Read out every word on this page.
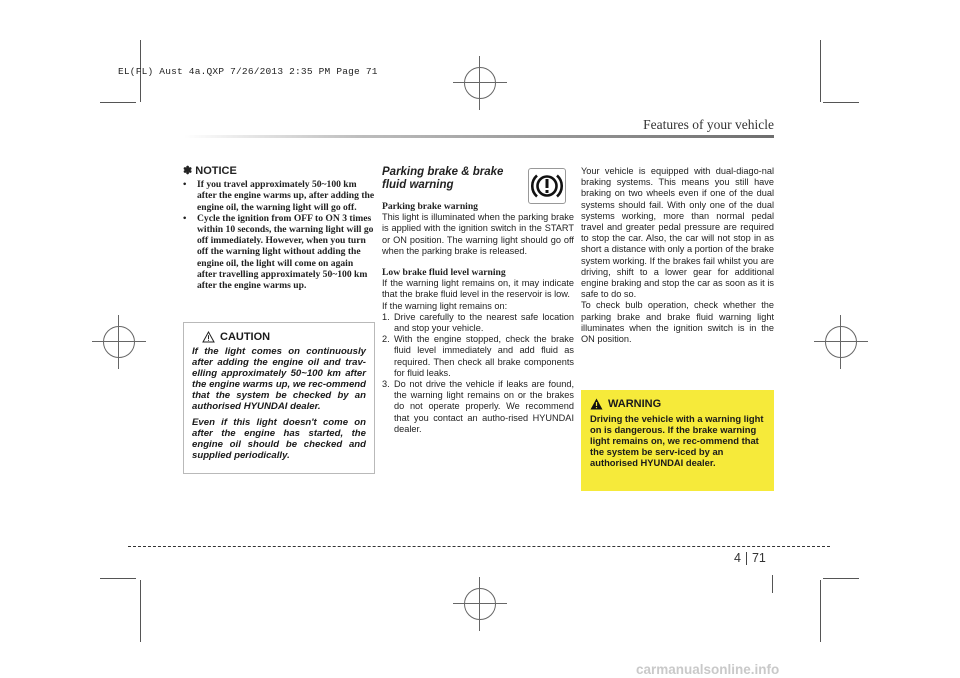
EL(FL) Aust 4a.QXP 7/26/2013 2:35 PM Page 71
Features of your vehicle
✽ NOTICE
• If you travel approximately 50~100 km after the engine warms up, after adding the engine oil, the warning light will go off.
• Cycle the ignition from OFF to ON 3 times within 10 seconds, the warning light will go off immediately. However, when you turn off the warning light without adding the engine oil, the light will come on again after travelling approximately 50~100 km after the engine warms up.
CAUTION

If the light comes on continuously after adding the engine oil and trav-elling approximately 50~100 km after the engine warms up, we rec-ommend that the system be checked by an authorised HYUNDAI dealer.

Even if this light doesn't come on after the engine has started, the engine oil should be checked and supplied periodically.

Parking brake & brake
fluid warning
Parking brake warning

This light is illuminated when the parking brake is applied with the ignition switch in the START or ON position. The warning light should go off when the parking brake is released.

Low brake fluid level warning

If the warning light remains on, it may indicate that the brake fluid level in the reservoir is low.

If the warning light remains on:

1. Drive carefully to the nearest safe location and stop your vehicle.
2. With the engine stopped, check the brake fluid level immediately and add fluid as required. Then check all brake components for fluid leaks.
3. Do not drive the vehicle if leaks are found, the warning light remains on or the brakes do not operate properly. We recommend that you contact an autho-rised HYUNDAI dealer.

Your vehicle is equipped with dual-diago-nal braking systems. This means you still have braking on two wheels even if one of the dual systems should fail. With only one of the dual systems working, more than normal pedal travel and greater pedal pressure are required to stop the car. Also, the car will not stop in as short a distance with only a portion of the brake system working. If the brakes fail whilst you are driving, shift to a lower gear for additional engine braking and stop the car as soon as it is safe to do so.

To check bulb operation, check whether the parking brake and brake fluid warning light illuminates when the ignition switch is in the ON position.

WARNING
Driving the vehicle with a warning light on is dangerous. If the brake warning light remains on, we rec-ommend that the system be serv-iced by an authorised HYUNDAI dealer.
4 71
carmanualsonline.info
